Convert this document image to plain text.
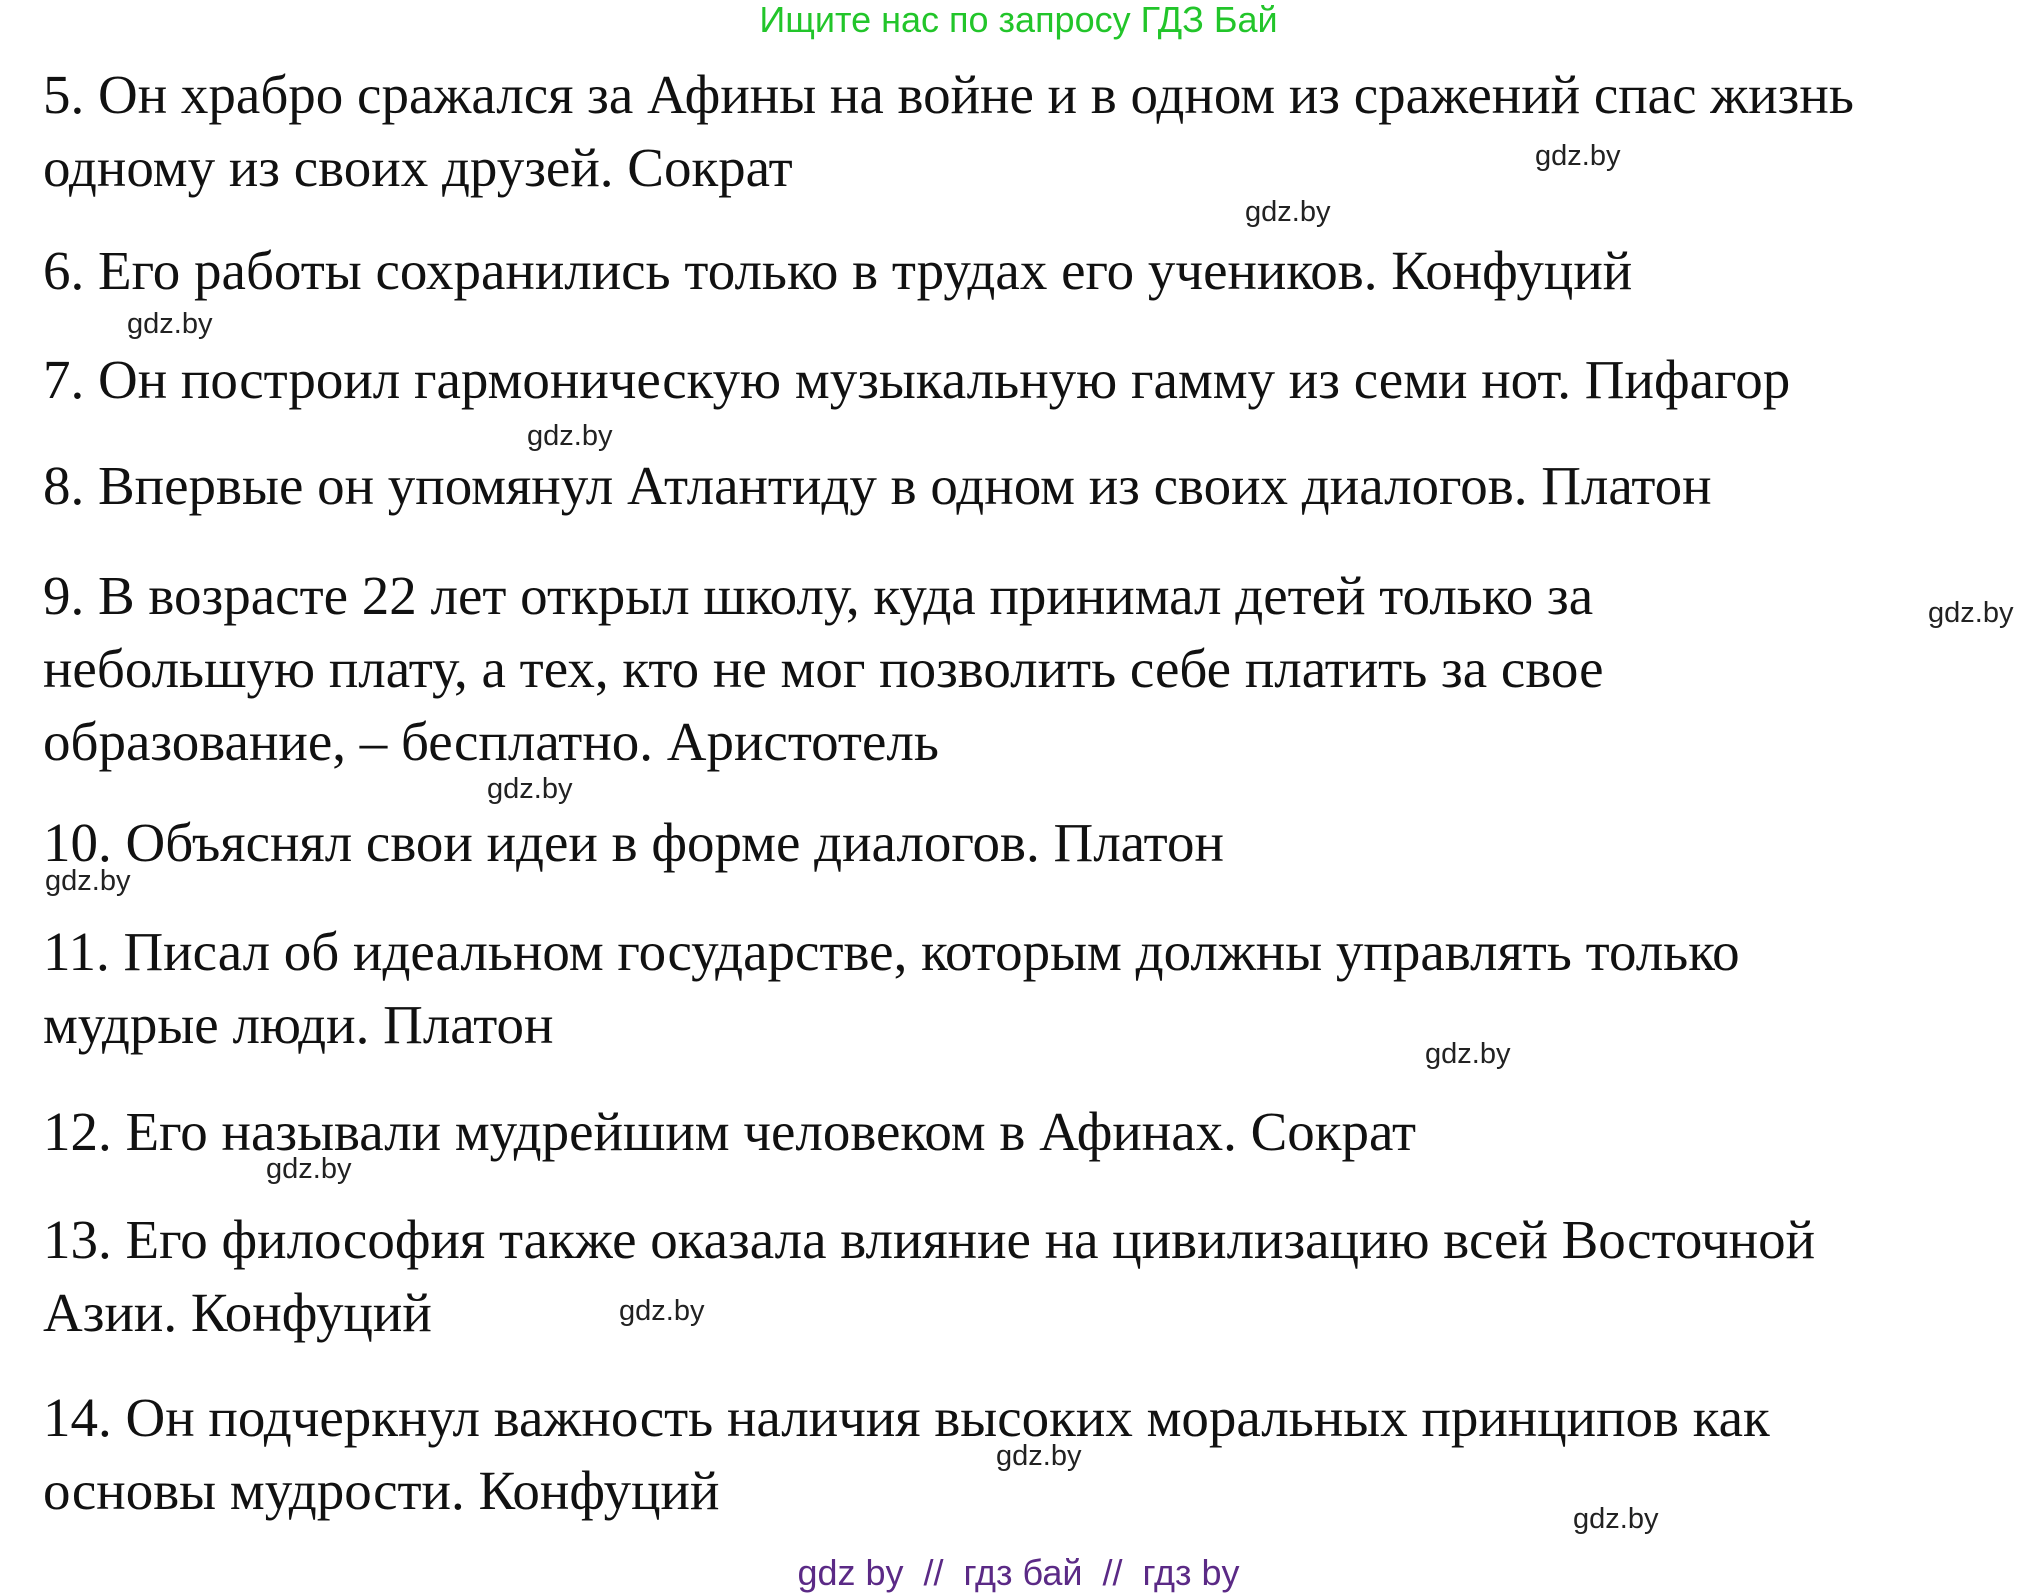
Ищите нас по запросу ГДЗ Бай

5. Он храбро сражался за Афины на войне и в одном из сражений спас жизнь
одному из своих друзей. Сократ

6. Его работы сохранились только в трудах его учеников. Конфуций

7. Он построил гармоническую музыкальную гамму из семи нот. Пифагор

8. Впервые он упомянул Атлантиду в одном из своих диалогов. Платон

9. В возрасте 22 лет открыл школу, куда принимал детей только за
небольшую плату, а тех, кто не мог позволить себе платить за свое
образование, – бесплатно. Аристотель

10. Объяснял свои идеи в форме диалогов. Платон

11. Писал об идеальном государстве, которым должны управлять только
мудрые люди. Платон

12. Его называли мудрейшим человеком в Афинах. Сократ

13. Его философия также оказала влияние на цивилизацию всей Восточной
Азии. Конфуций

14. Он подчеркнул важность наличия высоких моральных принципов как
основы мудрости. Конфуций

gdz.by
gdz.by
gdz.by
gdz.by
gdz.by
gdz.by
gdz.by
gdz.by
gdz.by
gdz.by
gdz.by
gdz.by
gdz by  //  гдз бай  //  гдз by
